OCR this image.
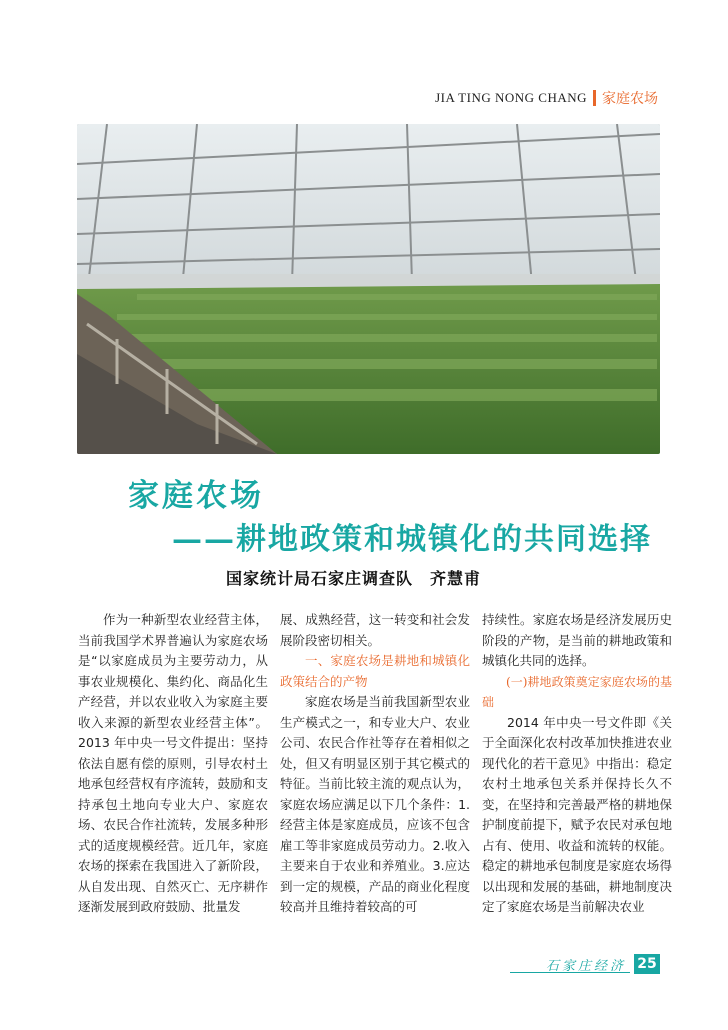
JIA TING NONG CHANG 家庭农场
家庭农场
——耕地政策和城镇化的共同选择
国家统计局石家庄调查队　齐慧甫

作为一种新型农业经营主体，当前我国学术界普遍认为家庭农场是“以家庭成员为主要劳动力，从事农业规模化、集约化、商品化生产经营，并以农业收入为家庭主要收入来源的新型农业经营主体”。2013 年中央一号文件提出：坚持依法自愿有偿的原则，引导农村土地承包经营权有序流转，鼓励和支持承包土地向专业大户、家庭农场、农民合作社流转，发展多种形式的适度规模经营。近几年，家庭农场的探索在我国进入了新阶段，从自发出现、自然灭亡、无序耕作逐渐发展到政府鼓励、批量发

展、成熟经营，这一转变和社会发展阶段密切相关。

一、家庭农场是耕地和城镇化政策结合的产物

家庭农场是当前我国新型农业生产模式之一，和专业大户、农业公司、农民合作社等存在着相似之处，但又有明显区别于其它模式的特征。当前比较主流的观点认为，家庭农场应满足以下几个条件：1.经营主体是家庭成员，应该不包含雇工等非家庭成员劳动力。2.收入主要来自于农业和养殖业。3.应达到一定的规模，产品的商业化程度较高并且维持着较高的可

持续性。家庭农场是经济发展历史阶段的产物，是当前的耕地政策和城镇化共同的选择。

(一)耕地政策奠定家庭农场的基础

2014 年中央一号文件即《关于全面深化农村改革加快推进农业现代化的若干意见》中指出：稳定农村土地承包关系并保持长久不变，在坚持和完善最严格的耕地保护制度前提下，赋予农民对承包地占有、使用、收益和流转的权能。稳定的耕地承包制度是家庭农场得以出现和发展的基础，耕地制度决定了家庭农场是当前解决农业

石家庄经济 25
